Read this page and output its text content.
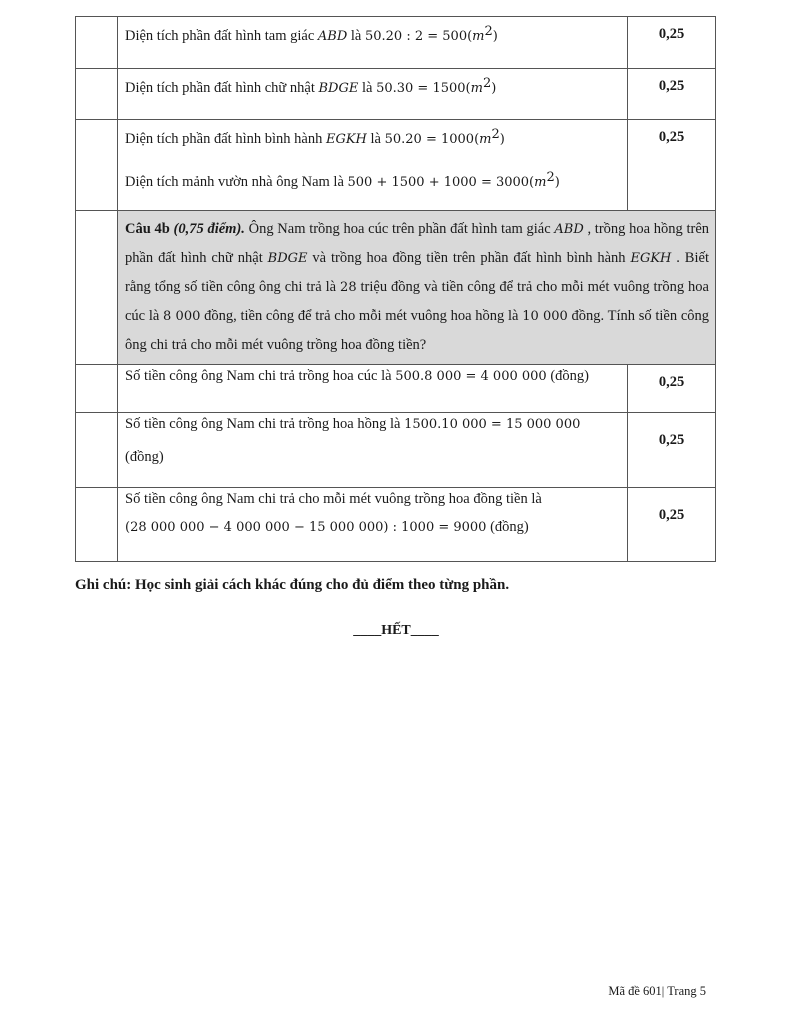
	Diện tích phần đất hình tam giác ABD là 50.20 : $2 = 500(m^2)$	0,25

	Diện tích phần đất hình chữ nhật BDGE là $50.30 = 1500(m^2)$	0,25

	Diện tích phần đất hình bình hành EGKH là $50.20 = 1000(m^2)$
Diện tích mảnh vườn nhà ông Nam là $500 + 1500 + 1000 = 3000(m^2)$	0,25

	Câu 4b (0,75 điểm). Ông Nam trồng hoa cúc trên phần đất hình tam giác ABD , trồng hoa hồng trên phần đất hình chữ nhật BDGE và trồng hoa đồng tiền trên phần đất hình bình hành EGKH . Biết rằng tổng số tiền công ông chi trả là 28 triệu đồng và tiền công để trả cho mỗi mét vuông trồng hoa cúc là 8 000 đồng, tiền công để trả cho mỗi mét vuông hoa hồng là 10 000 đồng. Tính số tiền công ông chi trả cho mỗi mét vuông trồng hoa đồng tiền?	

	Số tiền công ông Nam chi trả trồng hoa cúc là 500.8 000 = 4 000 000 (đồng)	0,25

	Số tiền công ông Nam chi trả trồng hoa hồng là 1500.10 000 = 15 000 000
(đồng)	0,25

	Số tiền công ông Nam chi trả cho mỗi mét vuông trồng hoa đồng tiền là
(28 000 000 − 4 000 000 − 15 000 000) : 1000 = 9000 (đồng)	0,25
Ghi chú: Học sinh giải cách khác đúng cho đủ điểm theo từng phần.
____HẾT____
Mã đề 601| Trang 5
